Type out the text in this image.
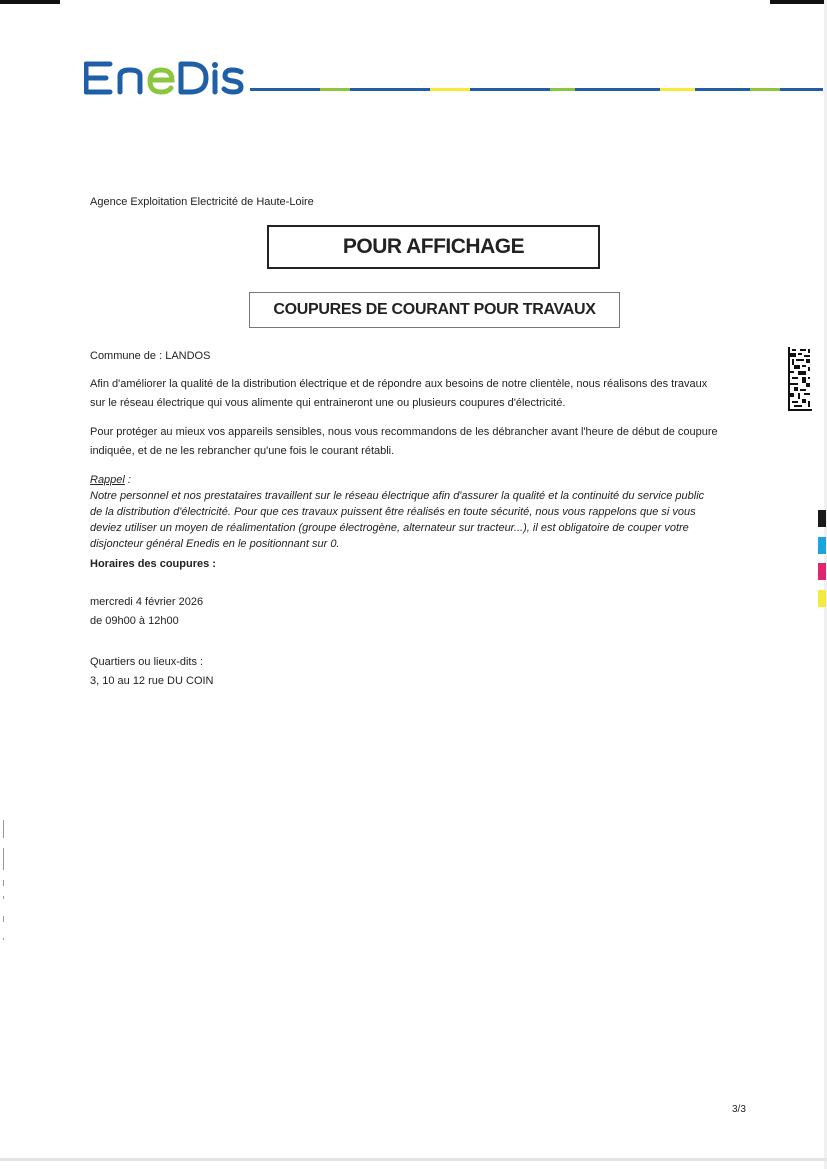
Agence Exploitation Electricité de Haute-Loire
POUR AFFICHAGE
COUPURES DE COURANT POUR TRAVAUX
Commune de : LANDOS
Afin d'améliorer la qualité de la distribution électrique et de répondre aux besoins de notre clientèle, nous réalisons des travaux
sur le réseau électrique qui vous alimente qui entraineront une ou plusieurs coupures d'électricité.
Pour protéger au mieux vos appareils sensibles, nous vous recommandons de les débrancher avant l'heure de début de coupure
indiquée, et de ne les rebrancher qu'une fois le courant rétabli.
Rappel :
Notre personnel et nos prestataires travaillent sur le réseau électrique afin d'assurer la qualité et la continuité du service public
de la distribution d'électricité. Pour que ces travaux puissent être réalisés en toute sécurité, nous vous rappelons que si vous
deviez utiliser un moyen de réalimentation (groupe électrogène, alternateur sur tracteur...), il est obligatoire de couper votre
disjoncteur général Enedis en le positionnant sur 0.
Horaires des coupures :
mercredi 4 février 2026
de 09h00 à 12h00
Quartiers ou lieux-dits :
3, 10 au 12 rue DU COIN
3/3
